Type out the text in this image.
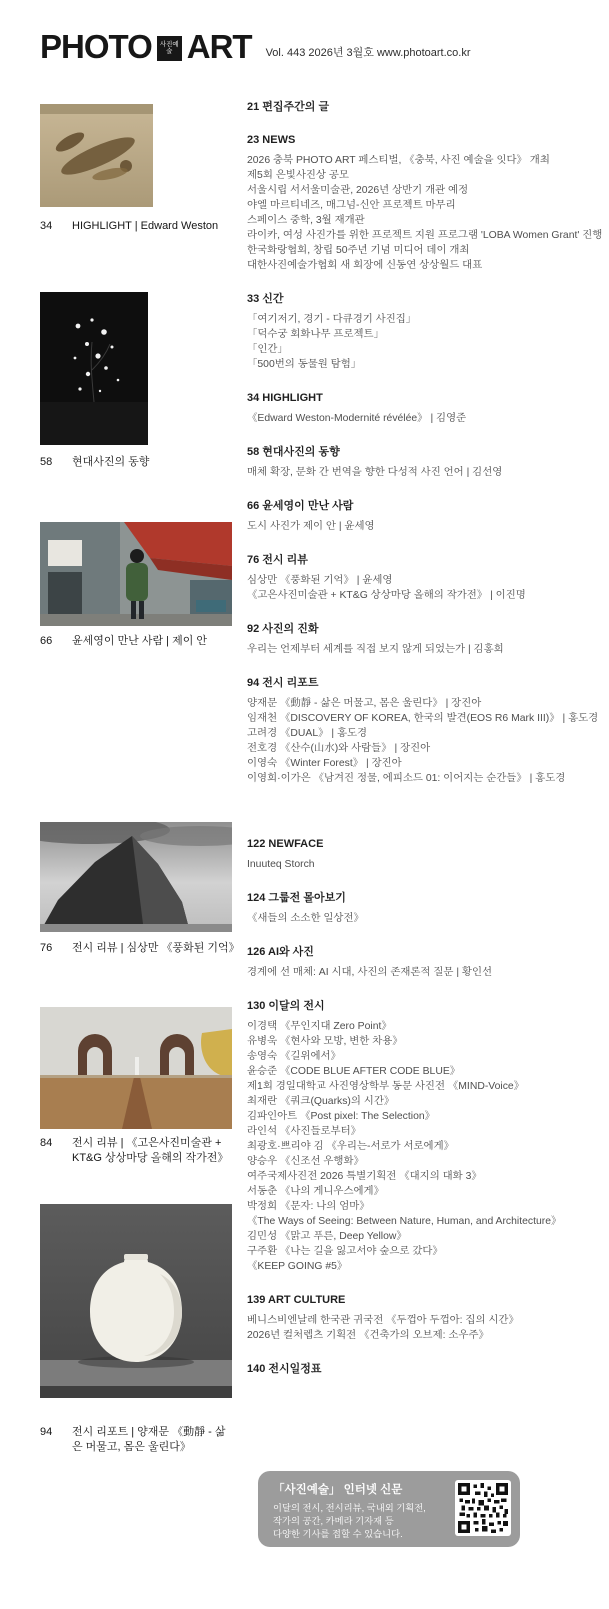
PHOTO	사진예술 ART Vol. 443 2026년 3월호 www.photoart.co.kr
34	HIGHLIGHT | Edward Weston
58	현대사진의 동향
66	윤세영이 만난 사람 | 제이 안
76	전시 리뷰 | 심상만 《풍화된 기억》
84	전시 리뷰 | 《고은사진미술관 + KT&G 상상마당 올해의 작가전》
94	전시 리포트 | 양재문 《動靜 - 삶은 머물고, 몸은 울린다》
21 편집주간의 글
23 NEWS
2026 충북 PHOTO ART 페스티벌, 《충북, 사진 예술을 잇다》 개최
제5회 은빛사진상 공모
서울시립 서서울미술관, 2026년 상반기 개관 예정
야엘 마르티네즈, 매그넘-신안 프로젝트 마무리
스페이스 중학, 3월 재개관
라이카, 여성 사진가를 위한 프로젝트 지원 프로그램 'LOBA Women Grant' 진행
한국화랑협회, 창립 50주년 기념 미디어 데이 개최
대한사진예술가협회 새 회장에 신동연 상상월드 대표
33 신간
「여기저기, 경기 - 다큐경기 사진집」
「덕수궁 회화나무 프로젝트」
「인간」
「500번의 동물원 탐험」
34 HIGHLIGHT
《Edward Weston-Modernité révélée》 | 김영준
58 현대사진의 동향
매체 확장, 문화 간 번역을 향한 다성적 사진 언어 | 김선영
66 윤세영이 만난 사람
도시 사진가 제이 안 | 윤세영
76 전시 리뷰
심상만 《풍화된 기억》 | 윤세영
《고은사진미술관 + KT&G 상상마당 올해의 작가전》 | 이진명
92 사진의 진화
우리는 언제부터 세계를 직접 보지 않게 되었는가 | 김홍희
94 전시 리포트
양재문 《動靜 - 삶은 머물고, 몸은 울린다》 | 장진아
임재천 《DISCOVERY OF KOREA, 한국의 발견(EOS R6 Mark III)》 | 홍도경
고려경 《DUAL》 | 홍도경
전호경 《산수(山水)와 사람들》 | 장진아
이영숙 《Winter Forest》 | 장진아
이영희·이가은 《남겨진 정물, 에피소드 01: 이어지는 순간들》 | 홍도경
122 NEWFACE
Inuuteq Storch
124 그룹전 몰아보기
《새들의 소소한 일상전》
126 AI와 사진
경계에 선 매체: AI 시대, 사진의 존재론적 질문 | 황인선
130 이달의 전시
이경택 《무인지대 Zero Point》
유병욱 《현사와 모방, 변한 차용》
송영숙 《길위에서》
윤승준 《CODE BLUE AFTER CODE BLUE》
제1회 경일대학교 사진영상학부 동문 사진전 《MIND-Voice》
최재란 《쿼크(Quarks)의 시간》
김파인아트 《Post pixel: The Selection》
라인석 《사진들로부터》
최광호·쁘리야 김 《우리는-서로가 서로에게》
양승우 《신조선 우행화》
여주국제사진전 2026 특별기획전 《대지의 대화 3》
서동춘 《나의 게니우스에게》
박정희 《문자: 나의 엄마》
《The Ways of Seeing: Between Nature, Human, and Architecture》
김민성 《맑고 푸른, Deep Yellow》
구주환 《나는 길을 잃고서야 숲으로 갔다》
《KEEP GOING #5》
139 ART CULTURE
베니스비엔날레 한국관 귀국전 《두껍아 두껍아: 집의 시간》
2026년 컬처렙츠 기획전 《건축가의 오브제: 소우주》
140 전시일정표
「사진예술」 인터넷 신문
이달의 전시, 전시리뷰, 국내외 기획전,
작가의 공간, 카메라 기자재 등
다양한 기사를 접할 수 있습니다.
